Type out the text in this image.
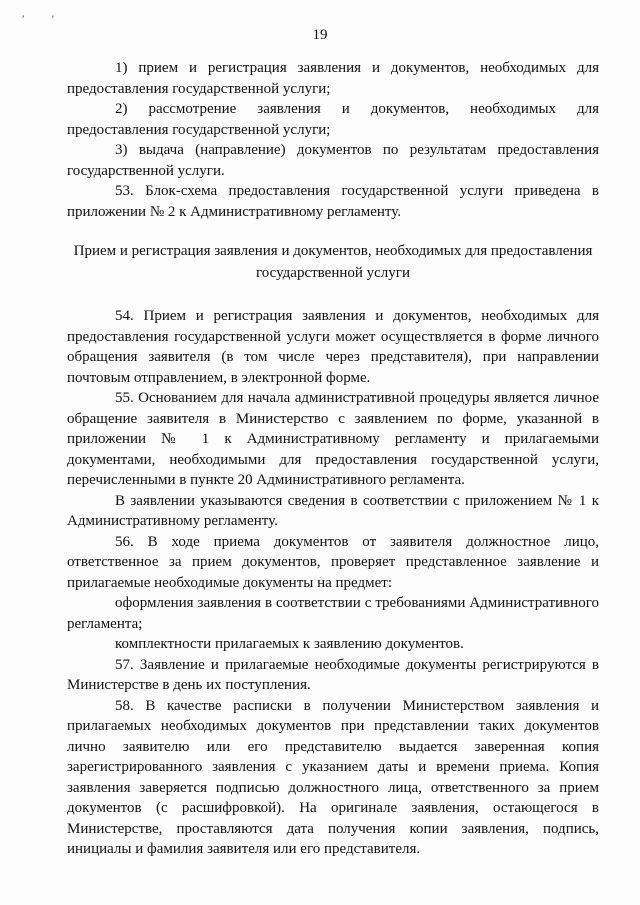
′ ′
19

1) прием и регистрация заявления и документов, необходимых для предоставления государственной услуги;

2) рассмотрение заявления и документов, необходимых для предоставления государственной услуги;

3) выдача (направление) документов по результатам предоставления государственной услуги.

53. Блок-схема предоставления государственной услуги приведена в приложении № 2 к Административному регламенту.

Прием и регистрация заявления и документов, необходимых для предоставления государственной услуги

54. Прием и регистрация заявления и документов, необходимых для предоставления государственной услуги может осуществляется в форме личного обращения заявителя (в том числе через представителя), при направлении почтовым отправлением, в электронной форме.

55. Основанием для начала административной процедуры является личное обращение заявителя в Министерство с заявлением по форме, указанной в приложении № 1 к Административному регламенту и прилагаемыми документами, необходимыми для предоставления государственной услуги, перечисленными в пункте 20 Административного регламента.

В заявлении указываются сведения в соответствии с приложением № 1 к Административному регламенту.

56. В ходе приема документов от заявителя должностное лицо, ответственное за прием документов, проверяет представленное заявление и прилагаемые необходимые документы на предмет:

оформления заявления в соответствии с требованиями Административного регламента;

комплектности прилагаемых к заявлению документов.

57. Заявление и прилагаемые необходимые документы регистрируются в Министерстве в день их поступления.

58. В качестве расписки в получении Министерством заявления и прилагаемых необходимых документов при представлении таких документов лично заявителю или его представителю выдается заверенная копия зарегистрированного заявления с указанием даты и времени приема. Копия заявления заверяется подписью должностного лица, ответственного за прием документов (с расшифровкой). На оригинале заявления, остающегося в Министерстве, проставляются дата получения копии заявления, подпись, инициалы и фамилия заявителя или его представителя.
